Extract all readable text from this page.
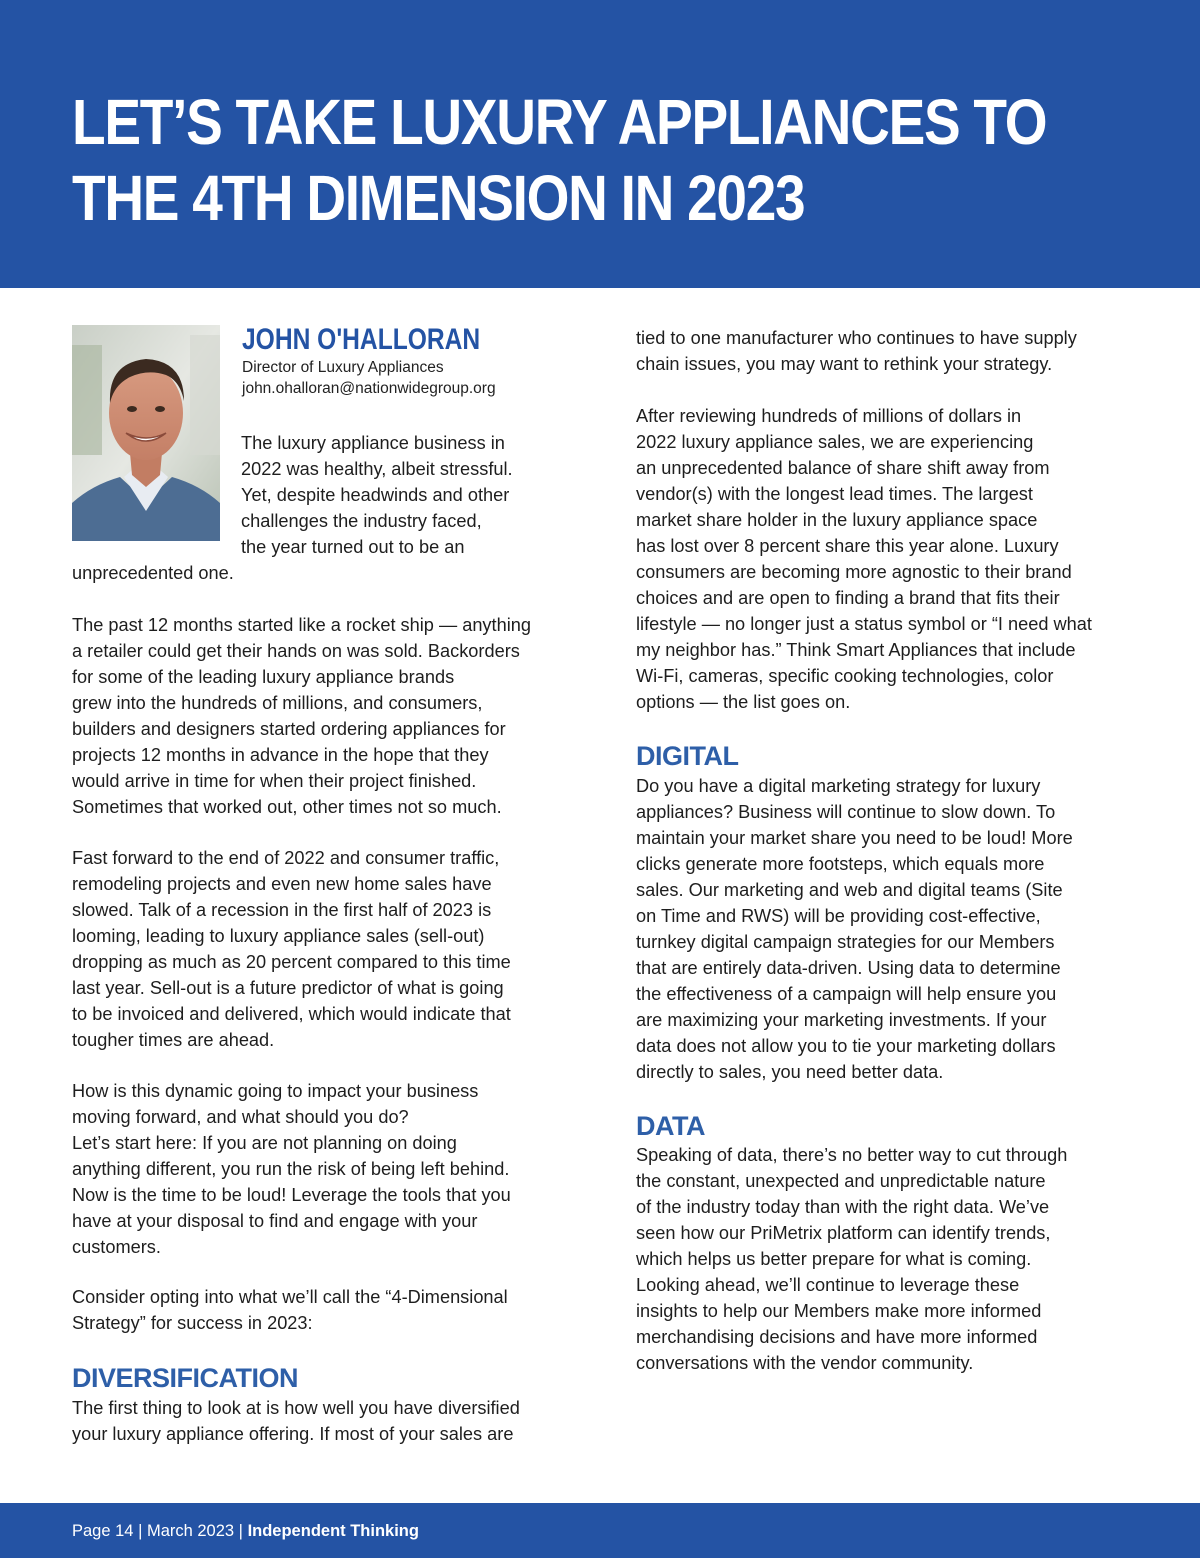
LET’S TAKE LUXURY APPLIANCES TO
THE 4TH DIMENSION IN 2023
JOHN O'HALLORAN
Director of Luxury Appliances
john.ohalloran@nationwidegroup.org
The luxury appliance business in
2022 was healthy, albeit stressful.
Yet, despite headwinds and other
challenges the industry faced,
the year turned out to be an
unprecedented one.
The past 12 months started like a rocket ship — anything
a retailer could get their hands on was sold. Backorders
for some of the leading luxury appliance brands
grew into the hundreds of millions, and consumers,
builders and designers started ordering appliances for
projects 12 months in advance in the hope that they
would arrive in time for when their project finished.
Sometimes that worked out, other times not so much.
Fast forward to the end of 2022 and consumer traffic,
remodeling projects and even new home sales have
slowed. Talk of a recession in the first half of 2023 is
looming, leading to luxury appliance sales (sell-out)
dropping as much as 20 percent compared to this time
last year. Sell-out is a future predictor of what is going
to be invoiced and delivered, which would indicate that
tougher times are ahead.
How is this dynamic going to impact your business
moving forward, and what should you do?
Let’s start here: If you are not planning on doing
anything different, you run the risk of being left behind.
Now is the time to be loud! Leverage the tools that you
have at your disposal to find and engage with your
customers.
Consider opting into what we’ll call the “4-Dimensional
Strategy” for success in 2023:
DIVERSIFICATION
The first thing to look at is how well you have diversified
your luxury appliance offering. If most of your sales are
tied to one manufacturer who continues to have supply
chain issues, you may want to rethink your strategy.
After reviewing hundreds of millions of dollars in
2022 luxury appliance sales, we are experiencing
an unprecedented balance of share shift away from
vendor(s) with the longest lead times. The largest
market share holder in the luxury appliance space
has lost over 8 percent share this year alone. Luxury
consumers are becoming more agnostic to their brand
choices and are open to finding a brand that fits their
lifestyle — no longer just a status symbol or “I need what
my neighbor has.” Think Smart Appliances that include
Wi-Fi, cameras, specific cooking technologies, color
options — the list goes on.
DIGITAL
Do you have a digital marketing strategy for luxury
appliances? Business will continue to slow down. To
maintain your market share you need to be loud! More
clicks generate more footsteps, which equals more
sales. Our marketing and web and digital teams (Site
on Time and RWS) will be providing cost-effective,
turnkey digital campaign strategies for our Members
that are entirely data-driven. Using data to determine
the effectiveness of a campaign will help ensure you
are maximizing your marketing investments. If your
data does not allow you to tie your marketing dollars
directly to sales, you need better data.
DATA
Speaking of data, there’s no better way to cut through
the constant, unexpected and unpredictable nature
of the industry today than with the right data. We’ve
seen how our PriMetrix platform can identify trends,
which helps us better prepare for what is coming.
Looking ahead, we’ll continue to leverage these
insights to help our Members make more informed
merchandising decisions and have more informed
conversations with the vendor community.
Page 14 | March 2023 | Independent Thinking
